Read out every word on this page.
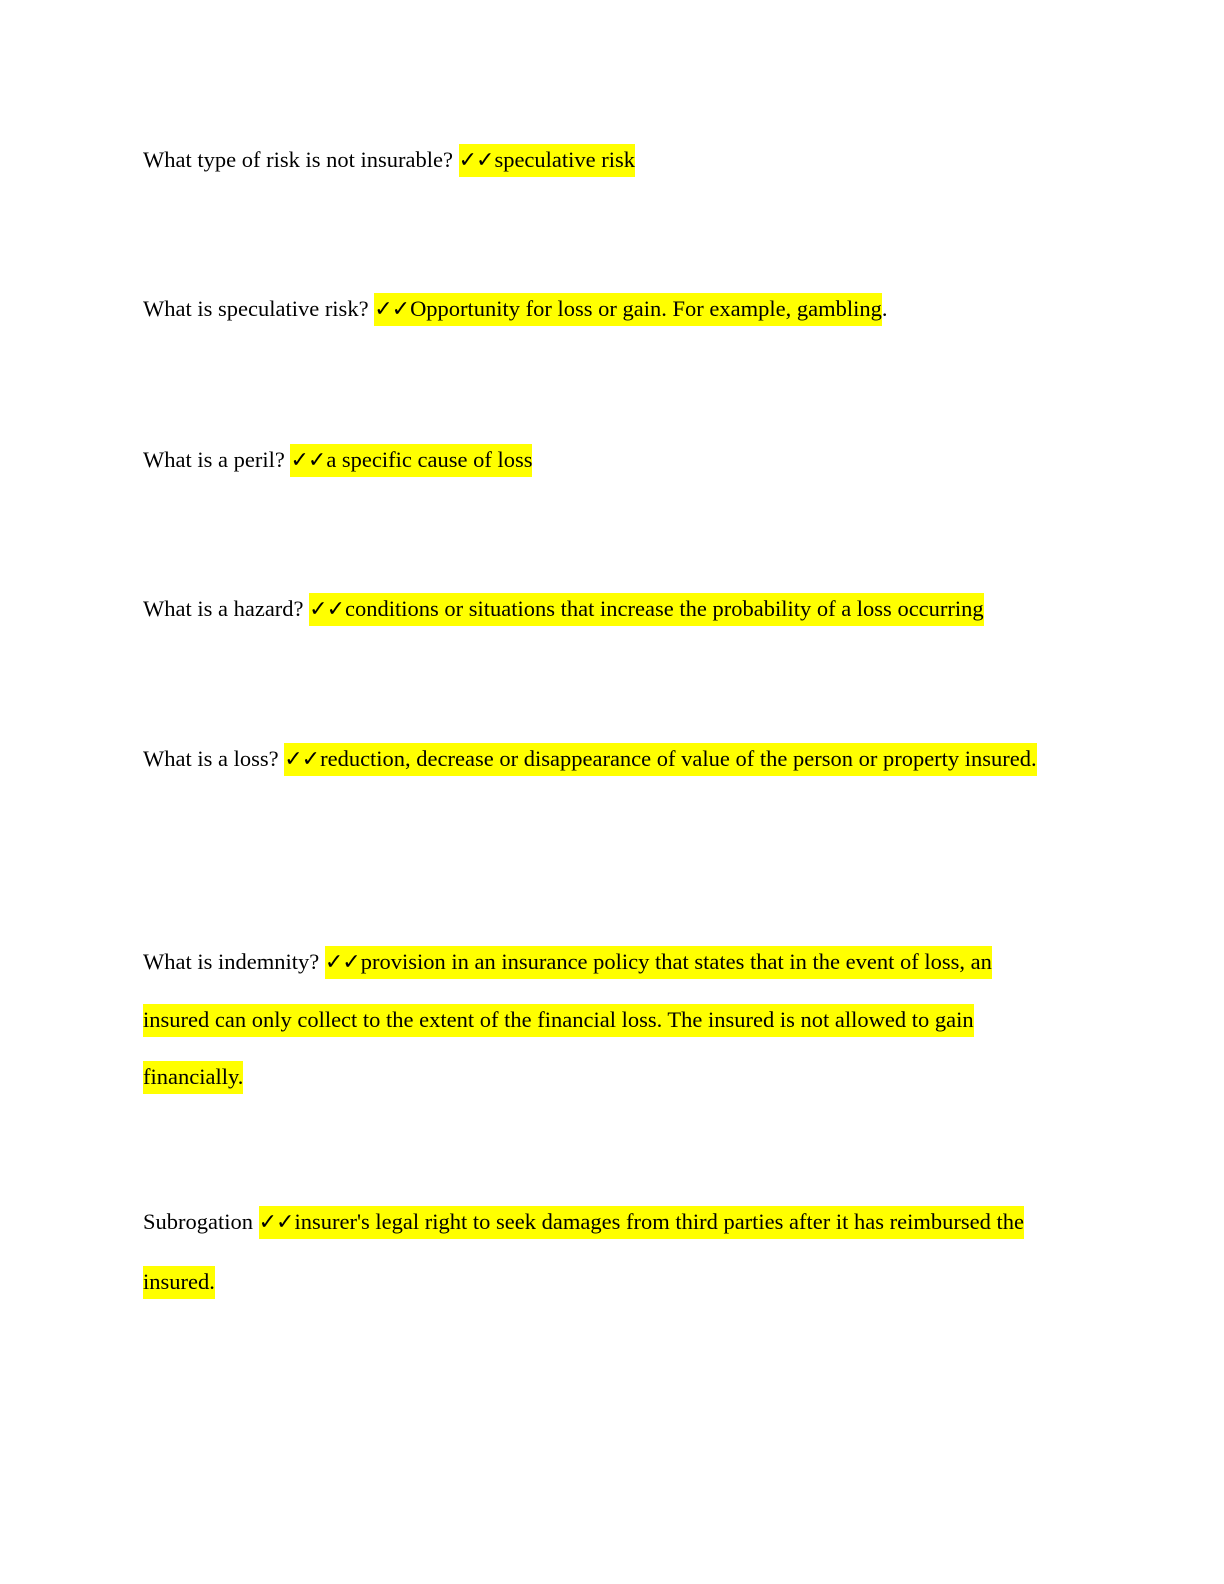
What type of risk is not insurable? ✓✓speculative risk
What is speculative risk? ✓✓Opportunity for loss or gain. For example, gambling.
What is a peril? ✓✓a specific cause of loss
What is a hazard? ✓✓conditions or situations that increase the probability of a loss occurring
What is a loss? ✓✓reduction, decrease or disappearance of value of the person or property insured.
What is indemnity? ✓✓provision in an insurance policy that states that in the event of loss, an insured can only collect to the extent of the financial loss. The insured is not allowed to gain financially.
Subrogation ✓✓insurer's legal right to seek damages from third parties after it has reimbursed the insured.
